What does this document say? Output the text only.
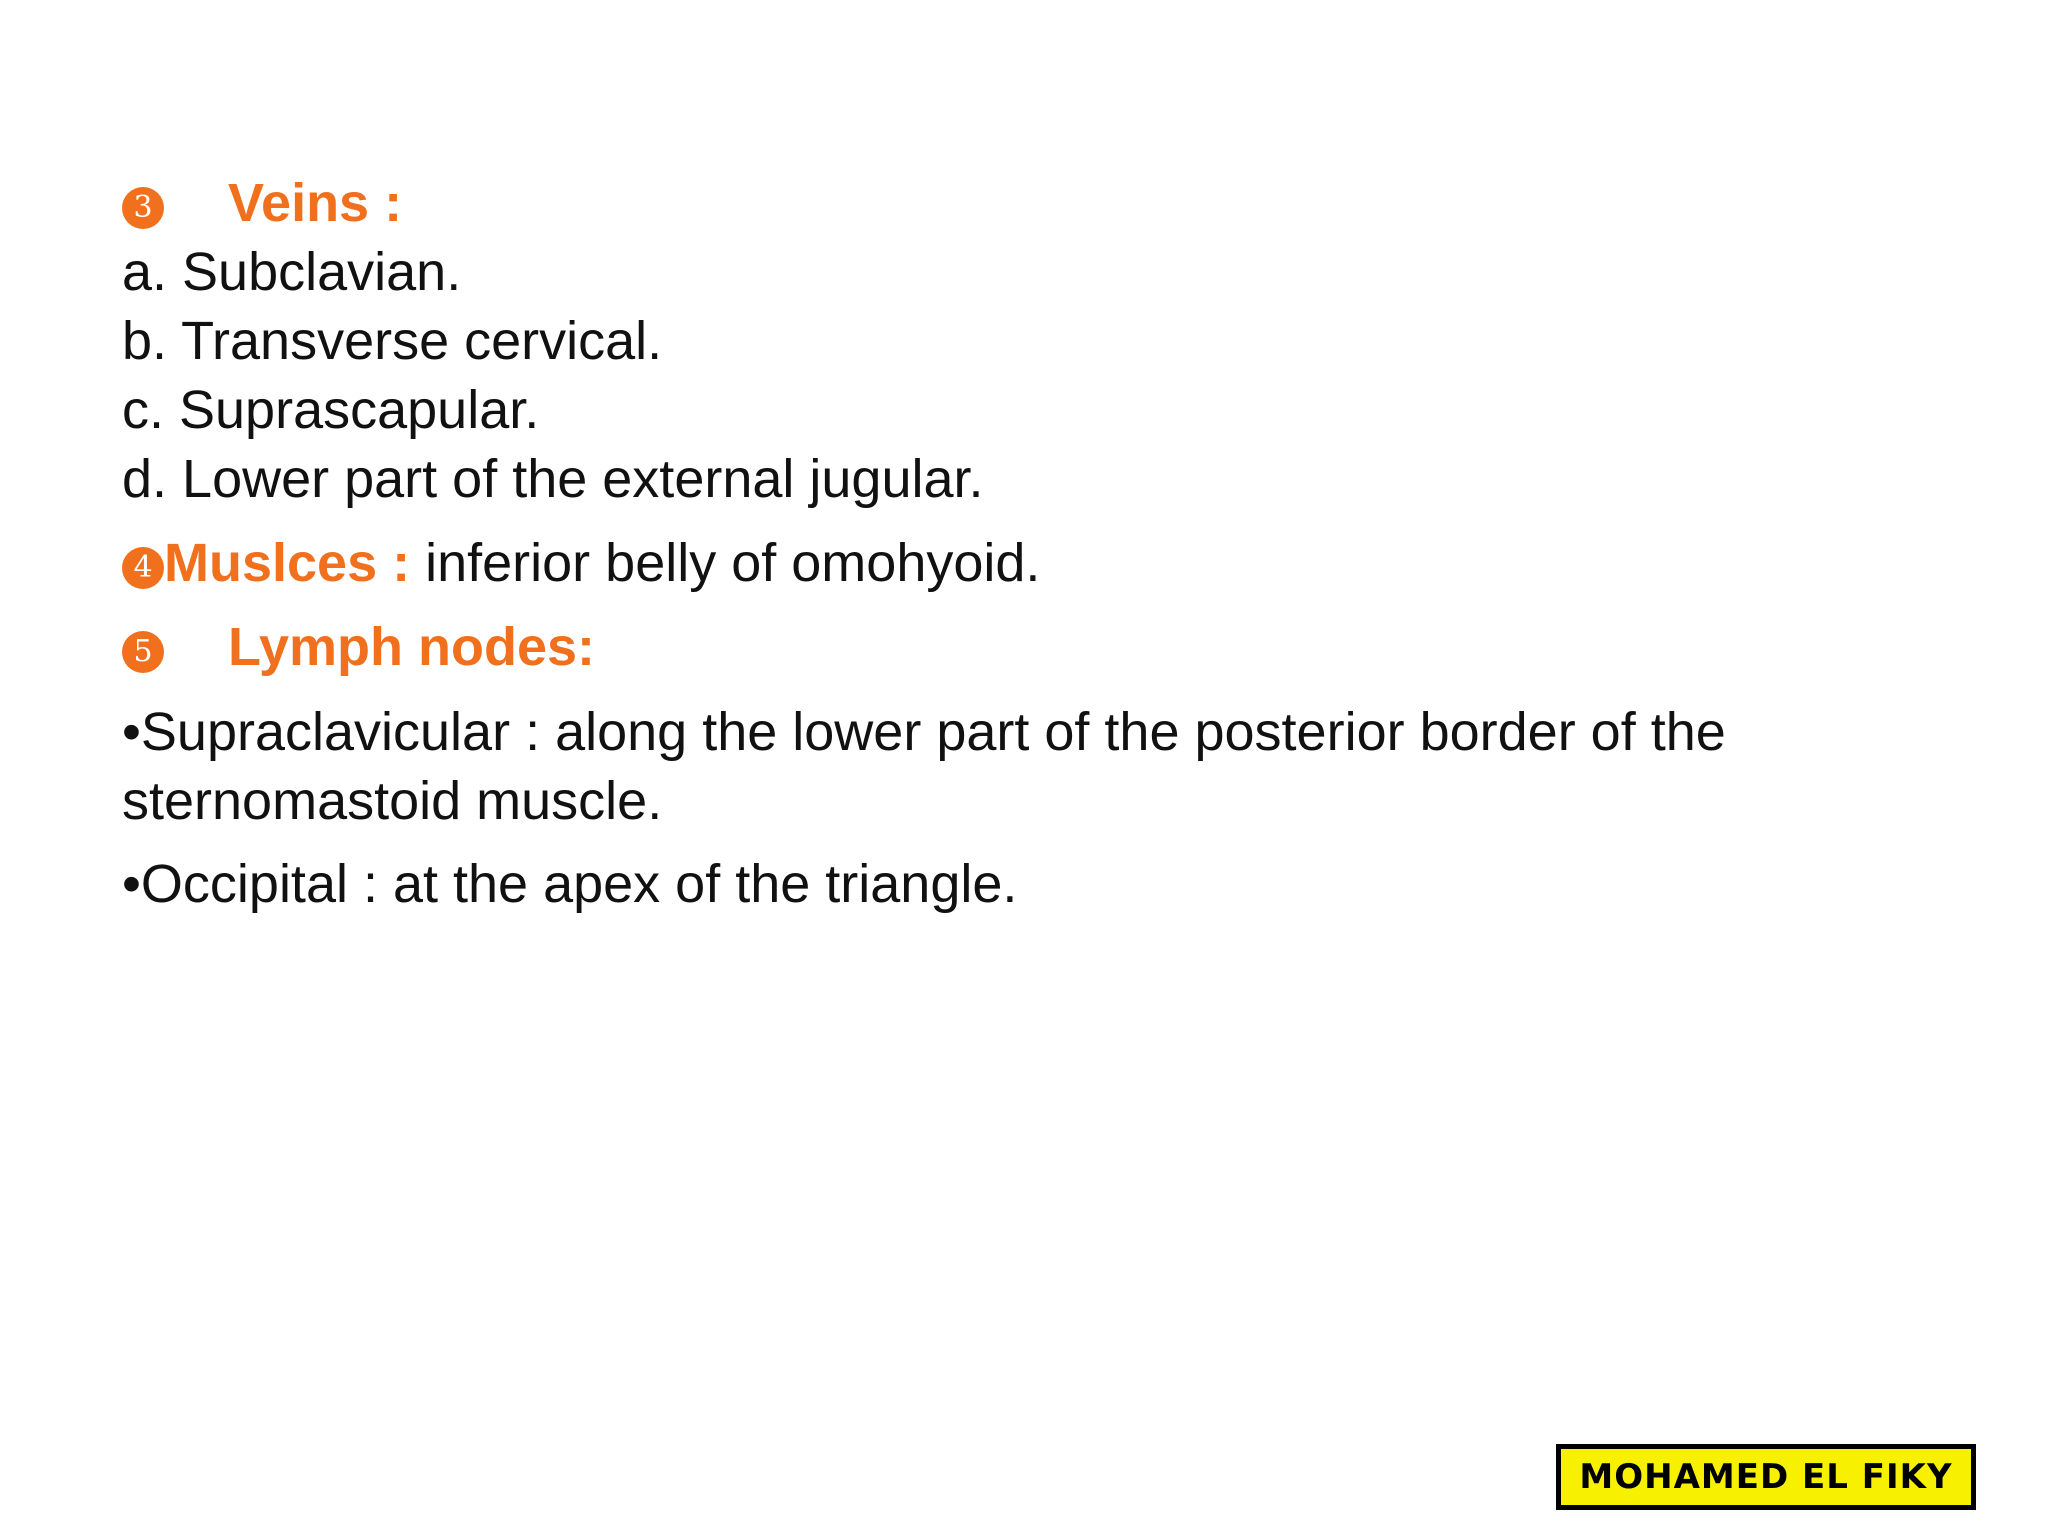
3 Veins :
a. Subclavian.
b. Transverse cervical.
c. Suprascapular.
d. Lower part of the external jugular.
4 Muslces : inferior belly of omohyoid.
5 Lymph nodes:
•Supraclavicular : along the lower part of the posterior border of the sternomastoid muscle.
•Occipital : at the apex of the triangle.
MOHAMED EL FIKY
